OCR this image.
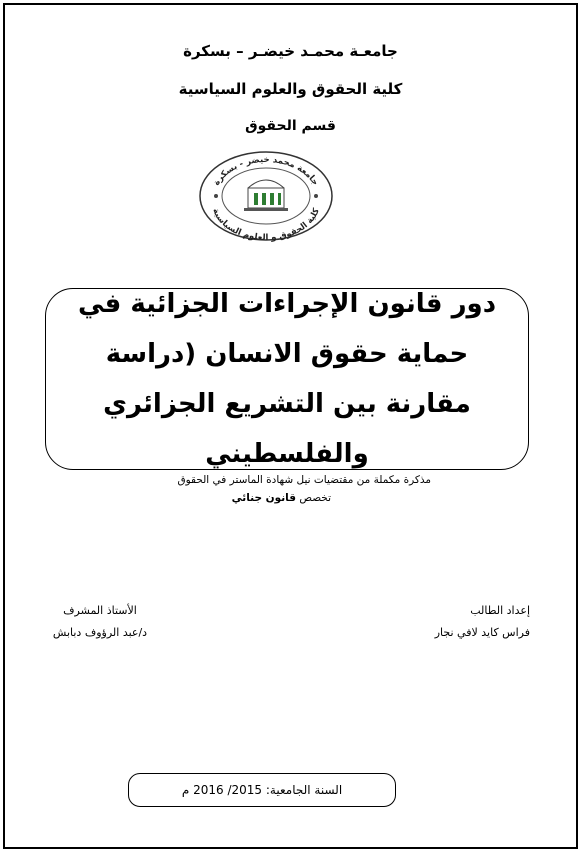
جامعـة محمـد خيضـر – بسكرة
كلية الحقوق والعلوم السياسية
قسم الحقوق
جامعة محمد خيضر - بسكرة
كلية الحقوق و العلوم السياسية
دور قانون الإجراءات الجزائية في حماية حقوق الانسان (دراسة مقارنة بين التشريع الجزائري والفلسطيني
مذكرة مكملة من مقتضيات نيل شهادة الماستر في الحقوق
تخصص قانون جنائي
إعداد الطالب
فراس كايد لافي نجار
الأستاذ المشرف
د/عبد الرؤوف دبابش
السنة الجامعية: 2015/ 2016 م
